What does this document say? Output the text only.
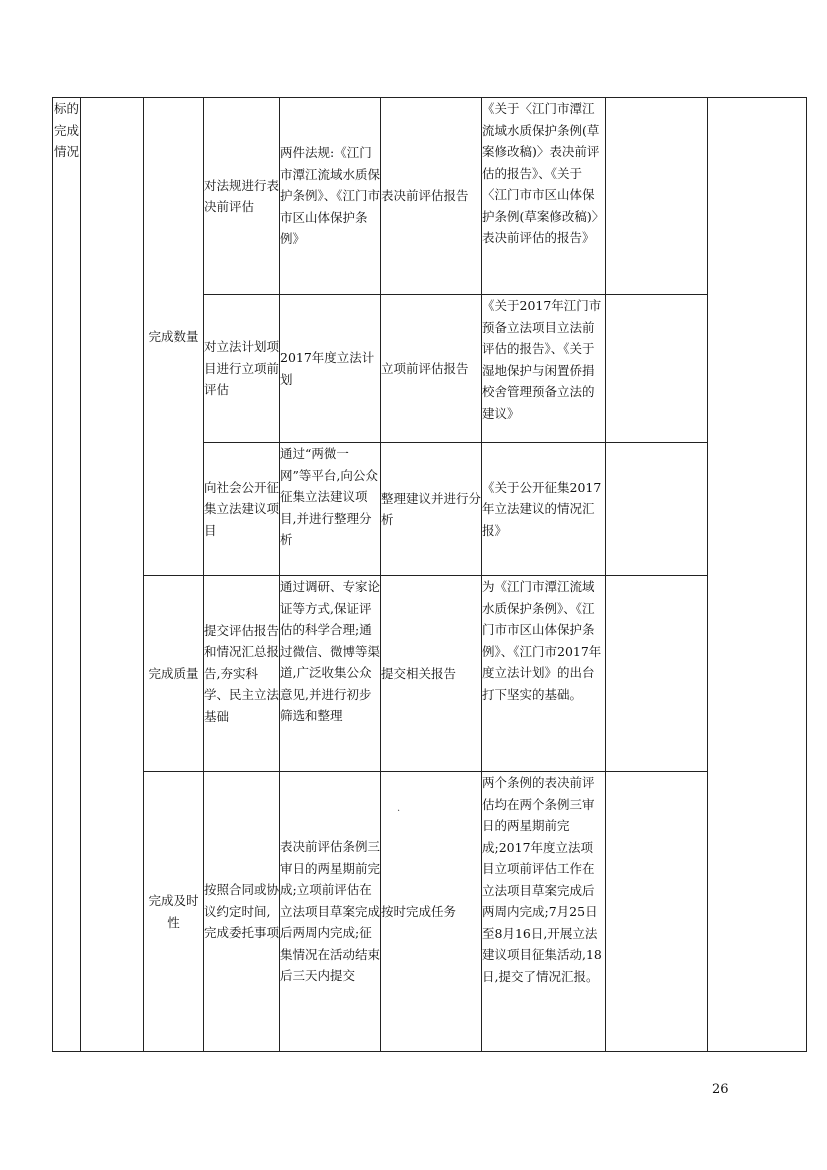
标的完成情况		完成数量	对法规进行表决前评估	两件法规:《江门市潭江流域水质保护条例》、《江门市市区山体保护条例》	表决前评估报告	《关于〈江门市潭江流域水质保护条例(草案修改稿)〉表决前评估的报告》、《关于〈江门市市区山体保护条例(草案修改稿)〉表决前评估的报告》		
			对立法计划项目进行立项前评估	2017年度立法计划	立项前评估报告	《关于2017年江门市预备立法项目立法前评估的报告》、《关于湿地保护与闲置侨捐校舍管理预备立法的建议》		
			向社会公开征集立法建议项目	通过“两微一网”等平台,向公众征集立法建议项目,并进行整理分析	整理建议并进行分析	《关于公开征集2017年立法建议的情况汇报》		
		完成质量	提交评估报告和情况汇总报告,夯实科学、民主立法基础	通过调研、专家论证等方式,保证评估的科学合理;通过微信、微博等渠道,广泛收集公众意见,并进行初步筛选和整理	提交相关报告	为《江门市潭江流域水质保护条例》、《江门市市区山体保护条例》、《江门市2017年度立法计划》的出台打下坚实的基础。		
		完成及时性	按照合同或协议约定时间,完成委托事项	表决前评估条例三审日的两星期前完成;立项前评估在立法项目草案完成后两周内完成;征集情况在活动结束后三天内提交	按时完成任务	两个条例的表决前评估均在两个条例三审日的两星期前完成;2017年度立法项目立项前评估工作在立法项目草案完成后两周内完成;7月25日至8月16日,开展立法建议项目征集活动,18日,提交了情况汇报。		
·
26
